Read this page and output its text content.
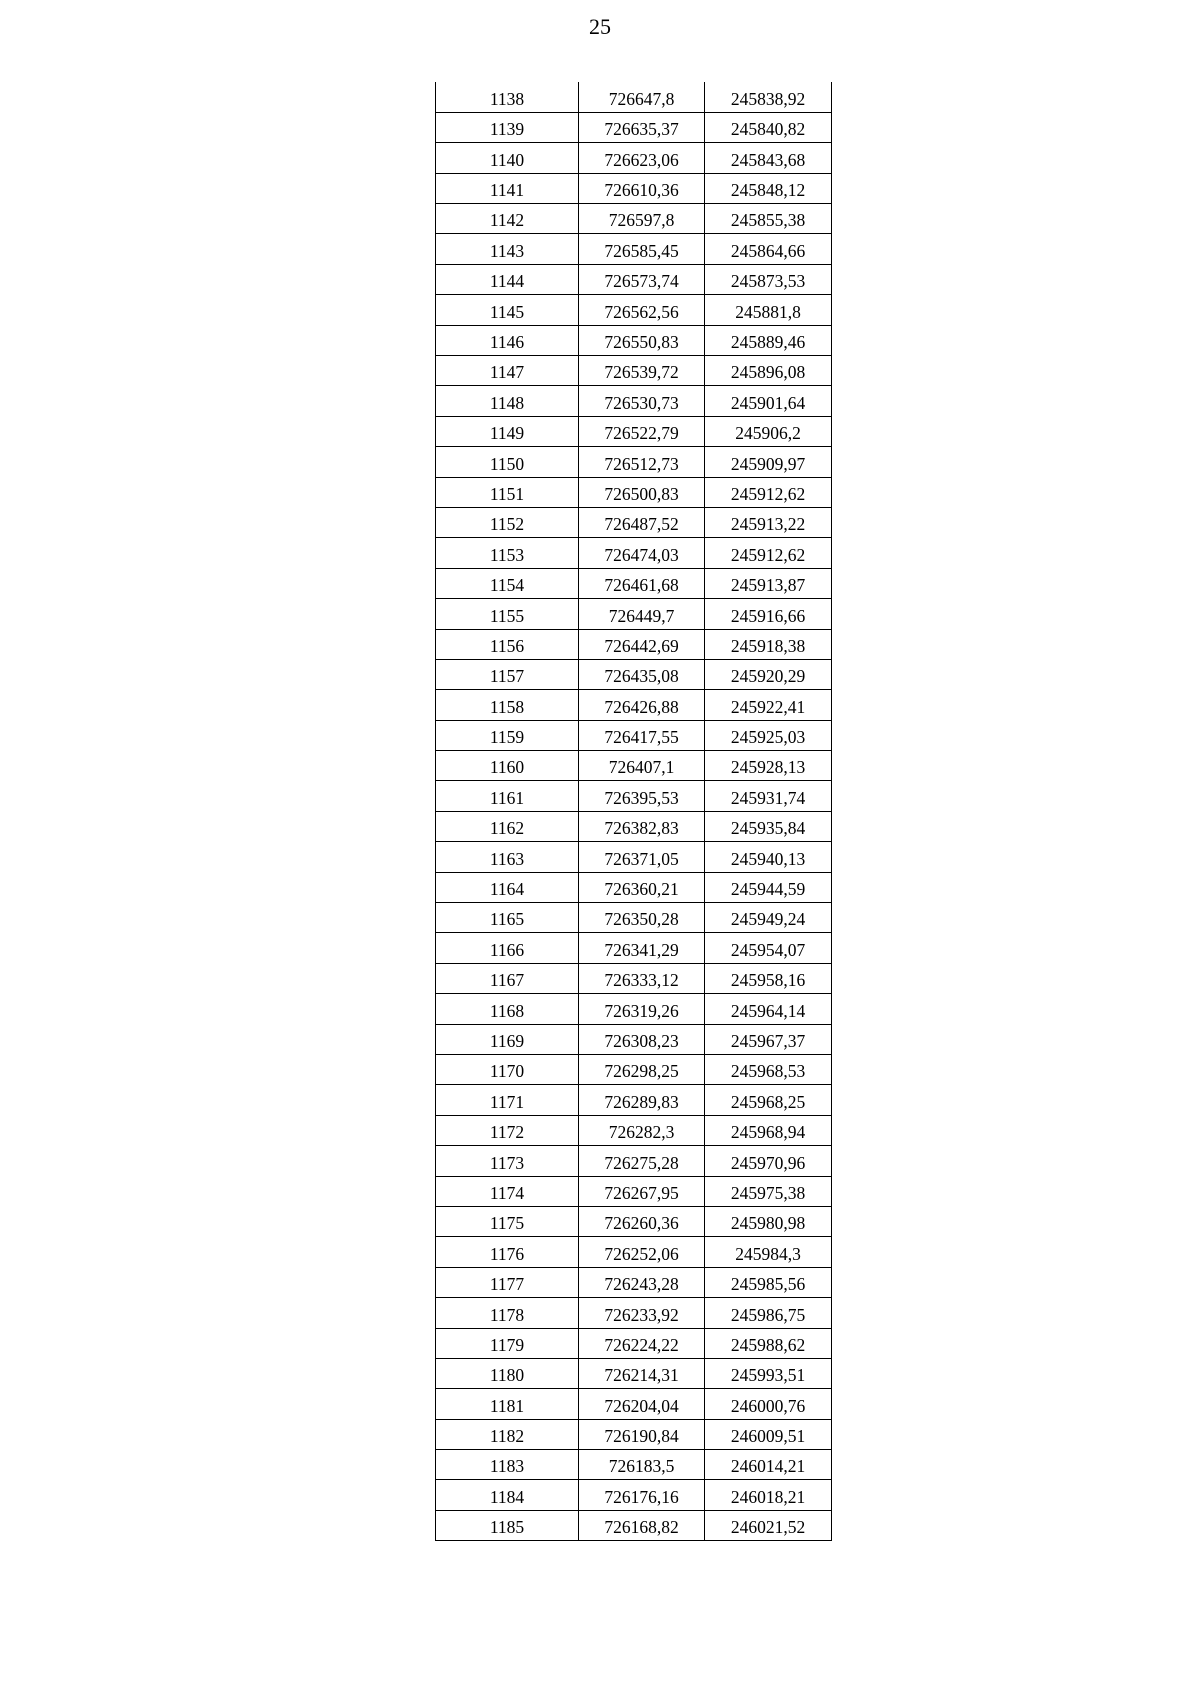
25
1138	726647,8	245838,92
1139	726635,37	245840,82
1140	726623,06	245843,68
1141	726610,36	245848,12
1142	726597,8	245855,38
1143	726585,45	245864,66
1144	726573,74	245873,53
1145	726562,56	245881,8
1146	726550,83	245889,46
1147	726539,72	245896,08
1148	726530,73	245901,64
1149	726522,79	245906,2
1150	726512,73	245909,97
1151	726500,83	245912,62
1152	726487,52	245913,22
1153	726474,03	245912,62
1154	726461,68	245913,87
1155	726449,7	245916,66
1156	726442,69	245918,38
1157	726435,08	245920,29
1158	726426,88	245922,41
1159	726417,55	245925,03
1160	726407,1	245928,13
1161	726395,53	245931,74
1162	726382,83	245935,84
1163	726371,05	245940,13
1164	726360,21	245944,59
1165	726350,28	245949,24
1166	726341,29	245954,07
1167	726333,12	245958,16
1168	726319,26	245964,14
1169	726308,23	245967,37
1170	726298,25	245968,53
1171	726289,83	245968,25
1172	726282,3	245968,94
1173	726275,28	245970,96
1174	726267,95	245975,38
1175	726260,36	245980,98
1176	726252,06	245984,3
1177	726243,28	245985,56
1178	726233,92	245986,75
1179	726224,22	245988,62
1180	726214,31	245993,51
1181	726204,04	246000,76
1182	726190,84	246009,51
1183	726183,5	246014,21
1184	726176,16	246018,21
1185	726168,82	246021,52
